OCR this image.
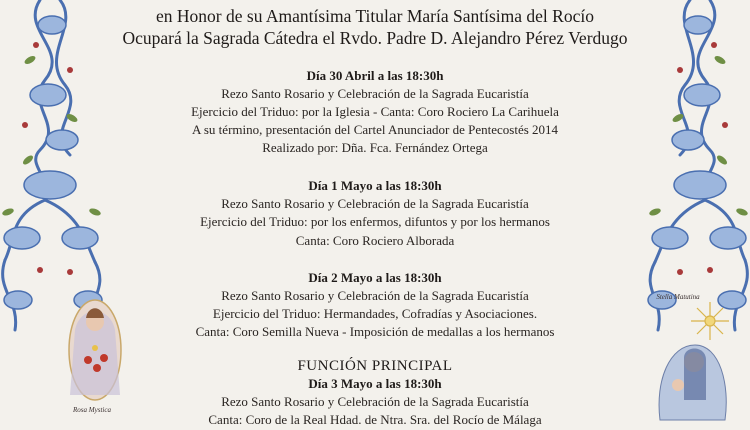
Rosa Mystica
Stella Matutina
en Honor de su Amantísima Titular María Santísima del Rocío
Ocupará la Sagrada Cátedra el Rvdo. Padre D. Alejandro Pérez Verdugo
Día 30 Abril a las 18:30h
Rezo Santo Rosario y Celebración de la Sagrada Eucaristía
Ejercicio del Triduo: por la Iglesia - Canta: Coro Rociero La Carihuela
A su término, presentación del Cartel Anunciador de Pentecostés 2014
Realizado por: Dña. Fca. Fernández Ortega
Día 1 Mayo a las 18:30h
Rezo Santo Rosario y Celebración de la Sagrada Eucaristía
Ejercicio del Triduo: por los enfermos, difuntos y por los hermanos
Canta: Coro Rociero Alborada
Día 2 Mayo a las 18:30h
Rezo Santo Rosario y Celebración de la Sagrada Eucaristía
Ejercicio del Triduo: Hermandades, Cofradías y Asociaciones.
Canta: Coro Semilla Nueva - Imposición de medallas a los hermanos
FUNCIÓN PRINCIPAL
Día 3 Mayo a las 18:30h
Rezo Santo Rosario y Celebración de la Sagrada Eucaristía
Canta: Coro de la Real Hdad. de Ntra. Sra. del Rocío de Málaga
